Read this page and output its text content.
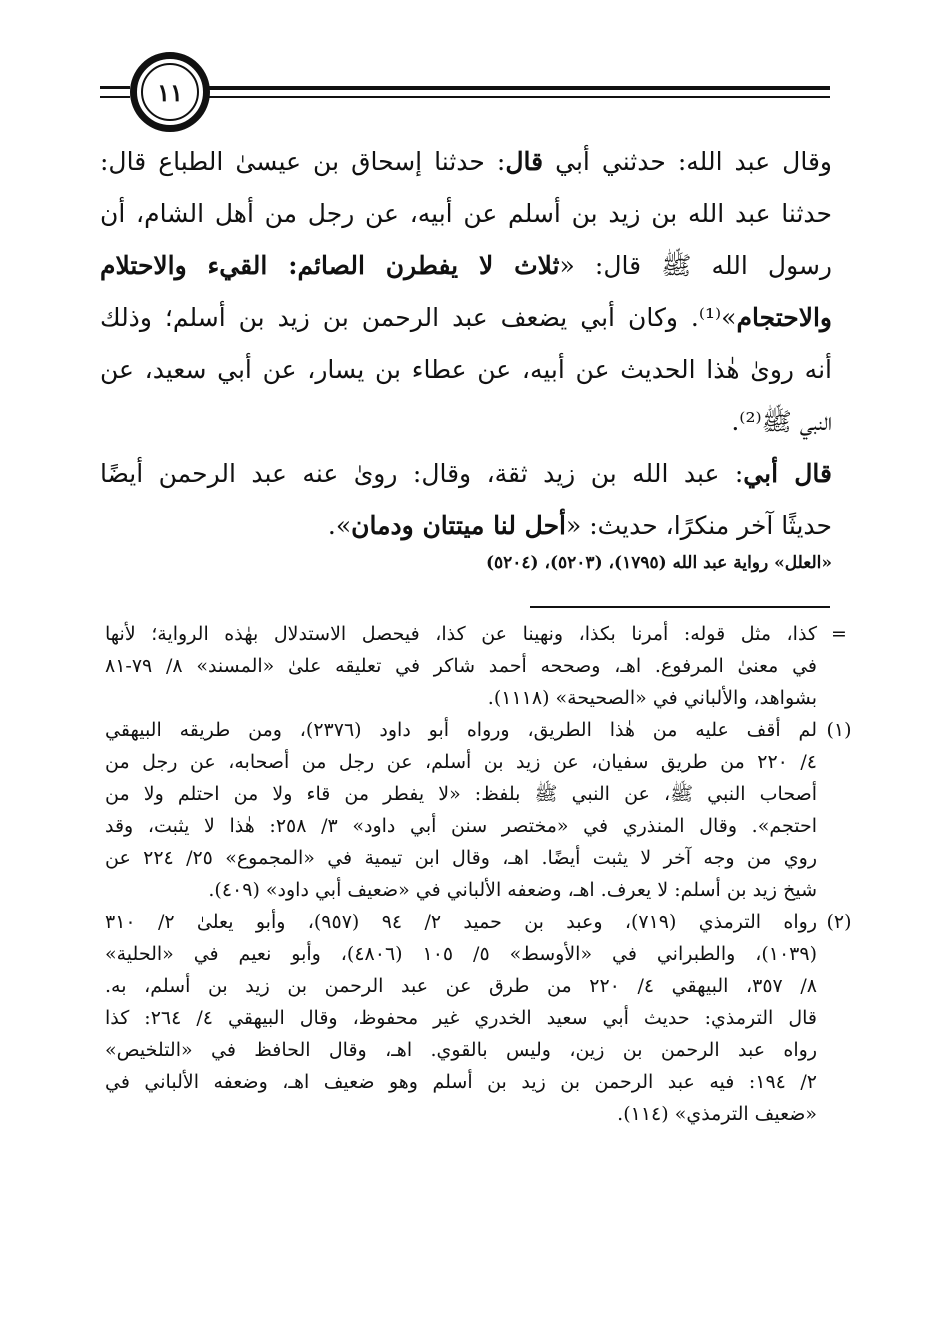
١١
وقال عبد الله: حدثني أبي قال: حدثنا إسحاق بن عيسىٰ الطباع قال:
حدثنا عبد الله بن زيد بن أسلم عن أبيه، عن رجل من أهل الشام، أن
رسول الله ﷺ قال: «ثلاث لا يفطرن الصائم: القيء والاحتلام
والاحتجام»⁽¹⁾. وكان أبي يضعف عبد الرحمن بن زيد بن أسلم؛ وذلك
أنه روىٰ هٰذا الحديث عن أبيه، عن عطاء بن يسار، عن أبي سعيد، عن
النبي ﷺ⁽²⁾.
قال أبي: عبد الله بن زيد ثقة، وقال: روىٰ عنه عبد الرحمن أيضًا
حديثًا آخر منكرًا، حديث: «أحل لنا ميتتان ودمان».
«العلل» رواية عبد الله (١٧٩٥)، (٥٢٠٣)، (٥٢٠٤)
=
كذا، مثل قوله: أمرنا بكذا، ونهينا عن كذا، فيحصل الاستدلال بهٰذه الرواية؛ لأنها
في معنىٰ المرفوع. اهـ، وصححه أحمد شاكر في تعليقه علىٰ «المسند» ٨/ ٧٩-٨١
بشواهد، والألباني في «الصحيحة» (١١١٨).
(١)
لم أقف عليه من هٰذا الطريق، ورواه أبو داود (٢٣٧٦)، ومن طريقه البيهقي
٤/ ٢٢٠ من طريق سفيان، عن زيد بن أسلم، عن رجل من أصحابه، عن رجل من
أصحاب النبي ﷺ، عن النبي ﷺ بلفظ: «لا يفطر من قاء ولا من احتلم ولا من
احتجم». وقال المنذري في «مختصر سنن أبي داود» ٣/ ٢٥٨: هٰذا لا يثبت، وقد
روي من وجه آخر لا يثبت أيضًا. اهـ، وقال ابن تيمية في «المجموع» ٢٥/ ٢٢٤ عن
شيخ زيد بن أسلم: لا يعرف. اهـ، وضعفه الألباني في «ضعيف أبي داود» (٤٠٩).
(٢)
رواه الترمذي (٧١٩)، وعبد بن حميد ٢/ ٩٤ (٩٥٧)، وأبو يعلىٰ ٢/ ٣١٠
(١٠٣٩)، والطبراني في «الأوسط» ٥/ ١٠٥ (٤٨٠٦)، وأبو نعيم في «الحلية»
٨/ ٣٥٧، البيهقي ٤/ ٢٢٠ من طرق عن عبد الرحمن بن زيد بن أسلم، به.
قال الترمذي: حديث أبي سعيد الخدري غير محفوظ، وقال البيهقي ٤/ ٢٦٤: كذا
رواه عبد الرحمن بن زين، وليس بالقوي. اهـ، وقال الحافظ في «التلخيص»
٢/ ١٩٤: فيه عبد الرحمن بن زيد بن أسلم وهو ضعيف اهـ، وضعفه الألباني في
«ضعيف الترمذي» (١١٤).
